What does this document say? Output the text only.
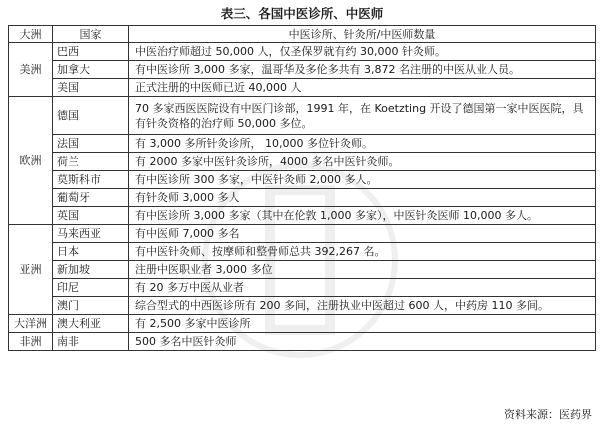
表三、各国中医诊所、中医师
大洲	国家	中医诊所、针灸所/中医师数量
美洲	巴西	中医治疗师超过 50,000 人，仅圣保罗就有约 30,000 针灸师。
	加拿大	有中医诊所 3,000 多家，温哥华及多伦多共有 3,872 名注册的中医从业人员。
	美国	正式注册的中医师已近 40,000 人
欧洲	德国	70 多家西医医院设有中医门诊部，1991 年，在 Koetzting 开设了德国第一家中医医院，具有针灸资格的治疗师 50,000 多位。
	法国	有 3,000 多所针灸诊所， 10,000 多位针灸师。
	荷兰	有 2000 多家中医针灸诊所，4000 多名中医针灸师。
	莫斯科市	有中医诊所 300 多家，中医针灸师 2,000 多人。
	葡萄牙	有针灸师 3,000 多人
	英国	有中医诊所 3,000 多家（其中在伦敦 1,000 多家），中医针灸医师 10,000 多人。
亚洲	马来西亚	有中医师 7,000 多名
	日本	有中医针灸师、按摩师和整骨师总共 392,267 名。
	新加坡	注册中医职业者 3,000 多位
	印尼	有 20 多万中医从业者
	澳门	综合型式的中西医诊所有 200 多间，注册执业中医超过 600 人，中药房 110 多间。
大洋洲	澳大利亚	有 2,500 多家中医诊所
非洲	南非	500 多名中医针灸师
资料来源：医药界
